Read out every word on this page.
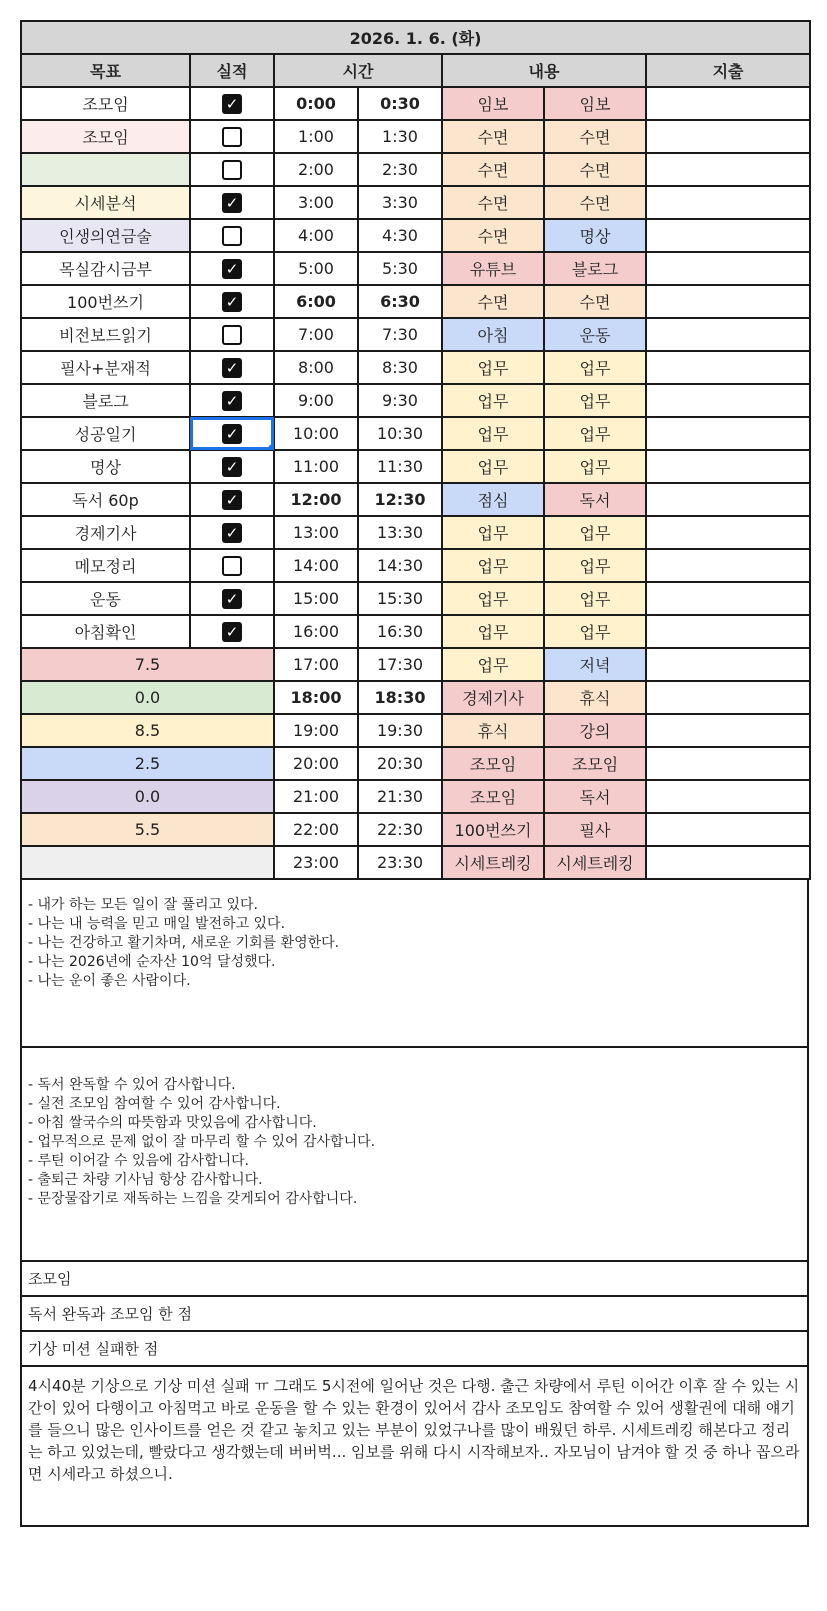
2026. 1. 6. (화)						
목표	실적	시간		내용		지출
조모임	✓	0:00	0:30	임보	임보	
조모임	✓	1:00	1:30	수면	수면	
	✓	2:00	2:30	수면	수면	
시세분석	✓	3:00	3:30	수면	수면	
인생의연금술	✓	4:00	4:30	수면	명상	
목실감시금부	✓	5:00	5:30	유튜브	블로그	
100번쓰기	✓	6:00	6:30	수면	수면	
비전보드읽기	✓	7:00	7:30	아침	운동	
필사+분재적	✓	8:00	8:30	업무	업무	
블로그	✓	9:00	9:30	업무	업무	
성공일기	✓	10:00	10:30	업무	업무	
명상	✓	11:00	11:30	업무	업무	
독서 60p	✓	12:00	12:30	점심	독서	
경제기사	✓	13:00	13:30	업무	업무	
메모정리	✓	14:00	14:30	업무	업무	
운동	✓	15:00	15:30	업무	업무	
아침확인	✓	16:00	16:30	업무	업무	
7.5		17:00	17:30	업무	저녁	
0.0		18:00	18:30	경제기사	휴식	
8.5		19:00	19:30	휴식	강의	
2.5		20:00	20:30	조모임	조모임	
0.0		21:00	21:30	조모임	독서	
5.5		22:00	22:30	100번쓰기	필사	
		23:00	23:30	시세트레킹	시세트레킹	
- 내가 하는 모든 일이 잘 풀리고 있다.
- 나는 내 능력을 믿고 매일 발전하고 있다.
- 나는 건강하고 활기차며, 새로운 기회를 환영한다.
- 나는 2026년에 순자산 10억 달성했다.
- 나는 운이 좋은 사람이다.
- 독서 완독할 수 있어 감사합니다.
- 실전 조모임 참여할 수 있어 감사합니다.
- 아침 쌀국수의 따뜻함과 맛있음에 감사합니다.
- 업무적으로 문제 없이 잘 마무리 할 수 있어 감사합니다.
- 루틴 이어갈 수 있음에 감사합니다.
- 출퇴근 차량 기사님 항상 감사합니다.
- 문장물잡기로 재독하는 느낌을 갖게되어 감사합니다.
조모임
독서 완독과 조모임 한 점
기상 미션 실패한 점
4시40분 기상으로 기상 미션 실패 ㅠ 그래도 5시전에 일어난 것은 다행. 출근 차량에서 루틴 이어간 이후 잘 수 있는 시간이 있어 다행이고 아침먹고 바로 운동을 할 수 있는 환경이 있어서 감사 조모임도 참여할 수 있어 생활권에 대해 얘기를 들으니 많은 인사이트를 얻은 것 같고 놓치고 있는 부분이 있었구나를 많이 배웠던 하루. 시세트레킹 해본다고 정리는 하고 있었는데, 빨랐다고 생각했는데 버버벅... 임보를 위해 다시 시작해보자.. 자모님이 남겨야 할 것 중 하나 꼽으라면 시세라고 하셨으니.
